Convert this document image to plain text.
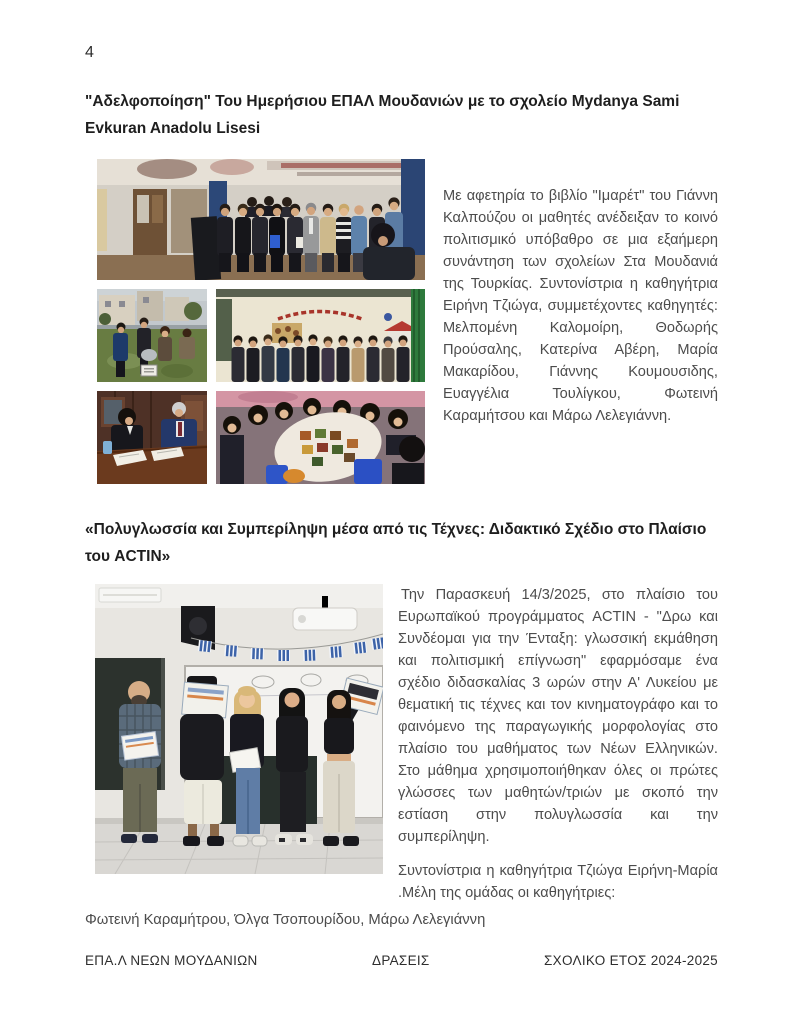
4
"Αδελφοποίηση" Του Ημερήσιου ΕΠΑΛ Μουδανιών με το σχολείο Mydanya Sami Evkuran Anadolu Lisesi

Με αφετηρία το βιβλίο "Ιμαρέτ" του Γιάννη Καλπούζου οι μαθητές ανέδειξαν το κοινό πολιτισμικό υπόβαθρο σε μια εξαήμερη συνάντηση των σχολείων Στα Μουδανιά της Τουρκίας. Συντονίστρια η καθηγήτρια Ειρήνη Τζιώγα, συμμετέχοντες καθηγητές: Μελπομένη Καλομοίρη, Θοδωρής Προύσαλης, Κατερίνα Αβέρη, Μαρία Μακαρίδου, Γιάννης Κουμουσιδης, Ευαγγέλια Τουλίγκου, Φωτεινή Καραμήτσου και Μάρω Λελεγιάννη.

«Πολυγλωσσία και Συμπερίληψη μέσα από τις Τέχνες: Διδακτικό Σχέδιο στο Πλαίσιο του ACTIN»

Την Παρασκευή 14/3/2025, στο πλαίσιο του Ευρωπαϊκού προγράμματος ACTIN - "Δρω και Συνδέομαι για την Ένταξη: γλωσσική εκμάθηση και πολιτισμική επίγνωση" εφαρμόσαμε ένα σχέδιο διδασκαλίας 3 ωρών στην Α' Λυκείου με θεματική τις τέχνες και τον κινηματογράφο και το φαινόμενο της παραγωγικής μορφολογίας στο πλαίσιο του μαθήματος των Νέων Ελληνικών. Στο μάθημα χρησιμοποιήθηκαν όλες οι πρώτες γλώσσες των μαθητών/τριών με σκοπό την εστίαση στην πολυγλωσσία και την συμπερίληψη.

Συντονίστρια η καθηγήτρια Τζιώγα Ειρήνη-Μαρία .Μέλη της ομάδας οι καθηγήτριες:

Φωτεινή Καραμήτρου, Όλγα Τσοπουρίδου, Μάρω Λελεγιάννη

ΕΠΑ.Λ ΝΕΩΝ ΜΟΥΔΑΝΙΩΝ	ΔΡΑΣΕΙΣ	ΣΧΟΛΙΚΟ ΕΤΟΣ 2024-2025
